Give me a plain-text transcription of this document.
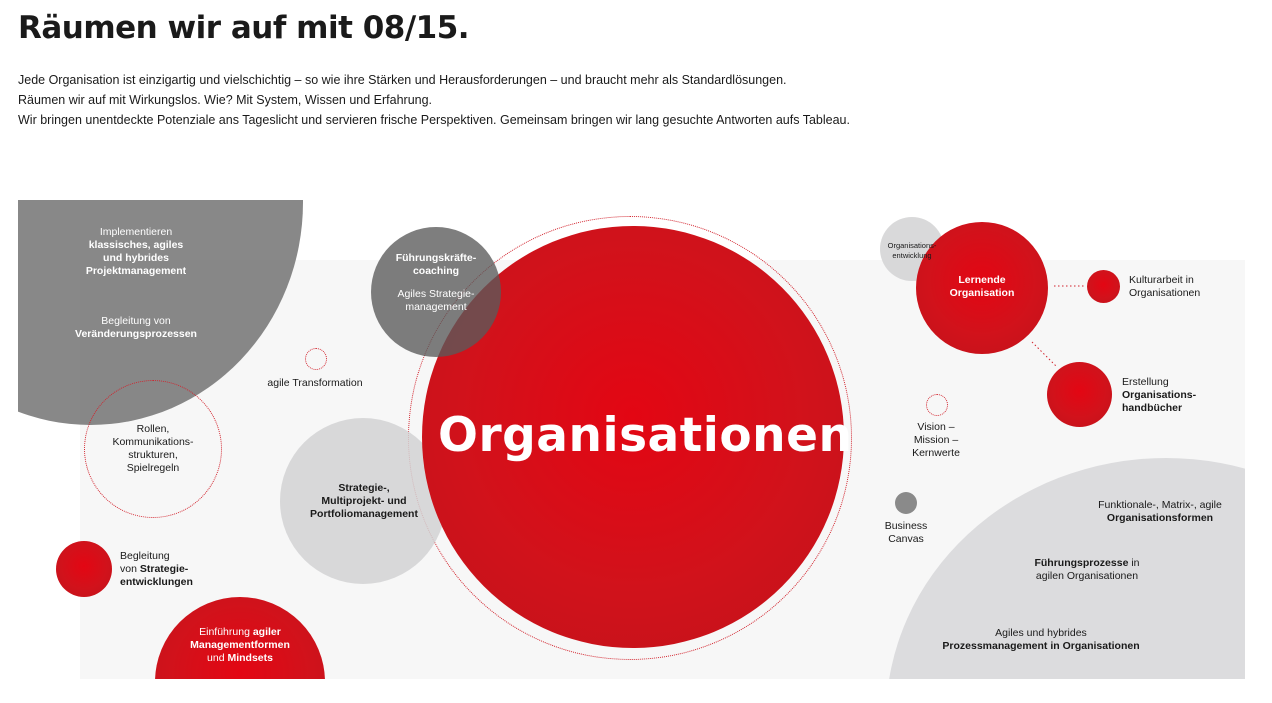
Räumen wir auf mit 08/15.

Jede Organisation ist einzigartig und vielschichtig – so wie ihre Stärken und Herausforderungen – und braucht mehr als Standardlösungen.

Räumen wir auf mit Wirkungslos. Wie? Mit System, Wissen und Erfahrung.

Wir bringen unentdeckte Potenziale ans Tageslicht und servieren frische Perspektiven. Gemeinsam bringen wir lang gesuchte Antworten aufs Tableau.

Organisationen
Implementieren
klassisches, agiles
und hybrides
Projektmanagement
Begleitung von
Veränderungsprozessen
Führungskräfte-
coaching
Agiles Strategie-
management
agile Transformation
Rollen,
Kommunikations-
strukturen,
Spielregeln
Strategie-,
Multiprojekt- und
Portfoliomanagement
Begleitung
von Strategie-
entwicklungen
Einführung agiler
Managementformen
und Mindsets
Organisations-
entwicklung
Lernende
Organisation
Kulturarbeit in
Organisationen
Erstellung
Organisations-
handbücher
Vision –
Mission –
Kernwerte
Business
Canvas
Funktionale-, Matrix-, agile
Organisationsformen
Führungsprozesse in
agilen Organisationen
Agiles und hybrides
Prozessmanagement in Organisationen
